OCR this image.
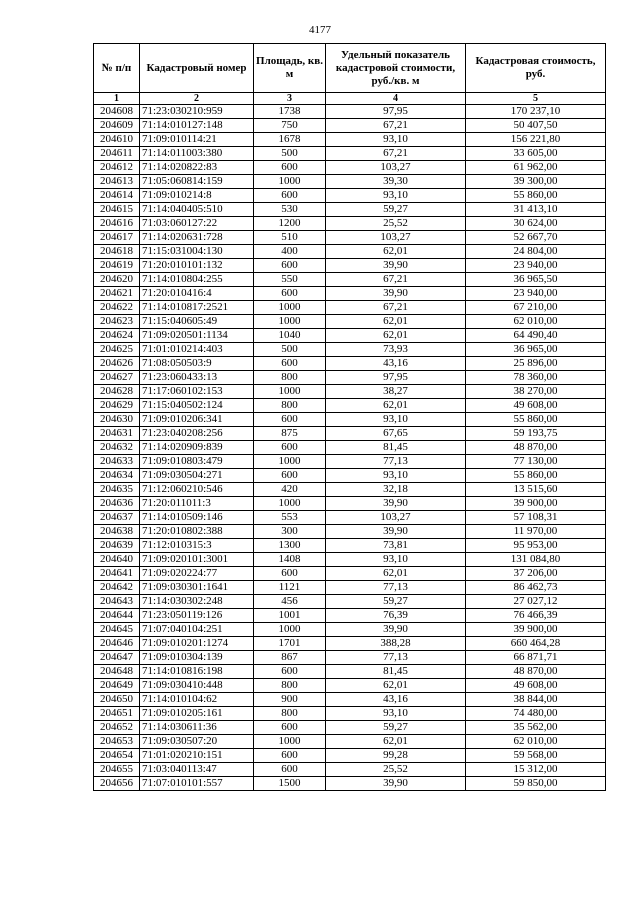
4177
№ п/п	Кадастровый номер	Площадь, кв. м	Удельный показатель кадастровой стоимости, руб./кв. м	Кадастровая стоимость, руб.
1	2	3	4	5
204608	71:23:030210:959	1738	97,95	170 237,10
204609	71:14:010127:148	750	67,21	50 407,50
204610	71:09:010114:21	1678	93,10	156 221,80
204611	71:14:011003:380	500	67,21	33 605,00
204612	71:14:020822:83	600	103,27	61 962,00
204613	71:05:060814:159	1000	39,30	39 300,00
204614	71:09:010214:8	600	93,10	55 860,00
204615	71:14:040405:510	530	59,27	31 413,10
204616	71:03:060127:22	1200	25,52	30 624,00
204617	71:14:020631:728	510	103,27	52 667,70
204618	71:15:031004:130	400	62,01	24 804,00
204619	71:20:010101:132	600	39,90	23 940,00
204620	71:14:010804:255	550	67,21	36 965,50
204621	71:20:010416:4	600	39,90	23 940,00
204622	71:14:010817:2521	1000	67,21	67 210,00
204623	71:15:040605:49	1000	62,01	62 010,00
204624	71:09:020501:1134	1040	62,01	64 490,40
204625	71:01:010214:403	500	73,93	36 965,00
204626	71:08:050503:9	600	43,16	25 896,00
204627	71:23:060433:13	800	97,95	78 360,00
204628	71:17:060102:153	1000	38,27	38 270,00
204629	71:15:040502:124	800	62,01	49 608,00
204630	71:09:010206:341	600	93,10	55 860,00
204631	71:23:040208:256	875	67,65	59 193,75
204632	71:14:020909:839	600	81,45	48 870,00
204633	71:09:010803:479	1000	77,13	77 130,00
204634	71:09:030504:271	600	93,10	55 860,00
204635	71:12:060210:546	420	32,18	13 515,60
204636	71:20:011011:3	1000	39,90	39 900,00
204637	71:14:010509:146	553	103,27	57 108,31
204638	71:20:010802:388	300	39,90	11 970,00
204639	71:12:010315:3	1300	73,81	95 953,00
204640	71:09:020101:3001	1408	93,10	131 084,80
204641	71:09:020224:77	600	62,01	37 206,00
204642	71:09:030301:1641	1121	77,13	86 462,73
204643	71:14:030302:248	456	59,27	27 027,12
204644	71:23:050119:126	1001	76,39	76 466,39
204645	71:07:040104:251	1000	39,90	39 900,00
204646	71:09:010201:1274	1701	388,28	660 464,28
204647	71:09:010304:139	867	77,13	66 871,71
204648	71:14:010816:198	600	81,45	48 870,00
204649	71:09:030410:448	800	62,01	49 608,00
204650	71:14:010104:62	900	43,16	38 844,00
204651	71:09:010205:161	800	93,10	74 480,00
204652	71:14:030611:36	600	59,27	35 562,00
204653	71:09:030507:20	1000	62,01	62 010,00
204654	71:01:020210:151	600	99,28	59 568,00
204655	71:03:040113:47	600	25,52	15 312,00
204656	71:07:010101:557	1500	39,90	59 850,00
